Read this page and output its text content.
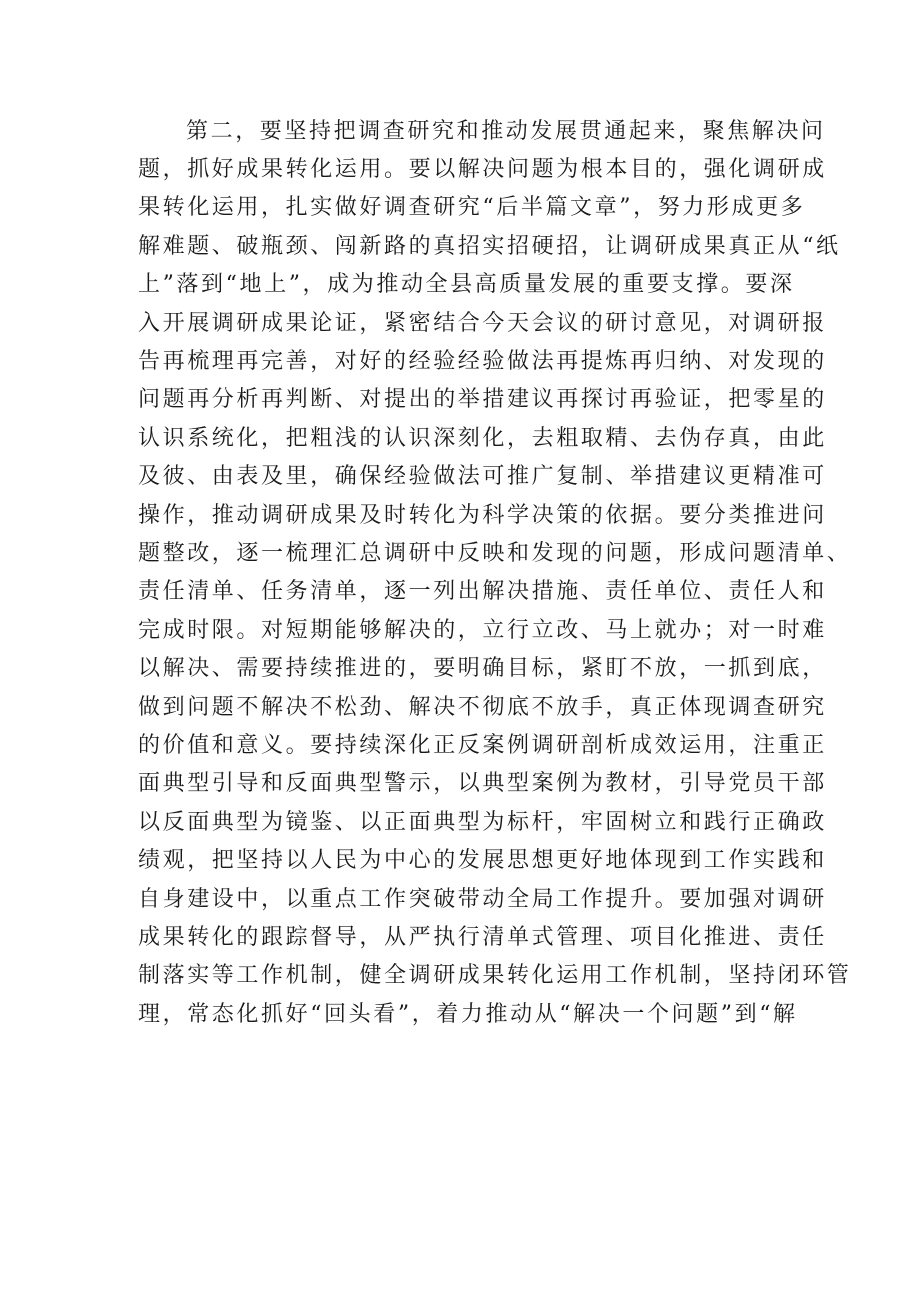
第二，要坚持把调查研究和推动发展贯通起来，聚焦解决问
题，抓好成果转化运用。要以解决问题为根本目的，强化调研成
果转化运用，扎实做好调查研究“后半篇文章”，努力形成更多
解难题、破瓶颈、闯新路的真招实招硬招，让调研成果真正从“纸
上”落到“地上”，成为推动全县高质量发展的重要支撑。要深
入开展调研成果论证，紧密结合今天会议的研讨意见，对调研报
告再梳理再完善，对好的经验经验做法再提炼再归纳、对发现的
问题再分析再判断、对提出的举措建议再探讨再验证，把零星的
认识系统化，把粗浅的认识深刻化，去粗取精、去伪存真，由此
及彼、由表及里，确保经验做法可推广复制、举措建议更精准可
操作，推动调研成果及时转化为科学决策的依据。要分类推进问
题整改，逐一梳理汇总调研中反映和发现的问题，形成问题清单、
责任清单、任务清单，逐一列出解决措施、责任单位、责任人和
完成时限。对短期能够解决的，立行立改、马上就办；对一时难
以解决、需要持续推进的，要明确目标，紧盯不放，一抓到底，
做到问题不解决不松劲、解决不彻底不放手，真正体现调查研究
的价值和意义。要持续深化正反案例调研剖析成效运用，注重正
面典型引导和反面典型警示，以典型案例为教材，引导党员干部
以反面典型为镜鉴、以正面典型为标杆，牢固树立和践行正确政
绩观，把坚持以人民为中心的发展思想更好地体现到工作实践和
自身建设中，以重点工作突破带动全局工作提升。要加强对调研
成果转化的跟踪督导，从严执行清单式管理、项目化推进、责任
制落实等工作机制，健全调研成果转化运用工作机制，坚持闭环管
理，常态化抓好“回头看”，着力推动从“解决一个问题”到“解
